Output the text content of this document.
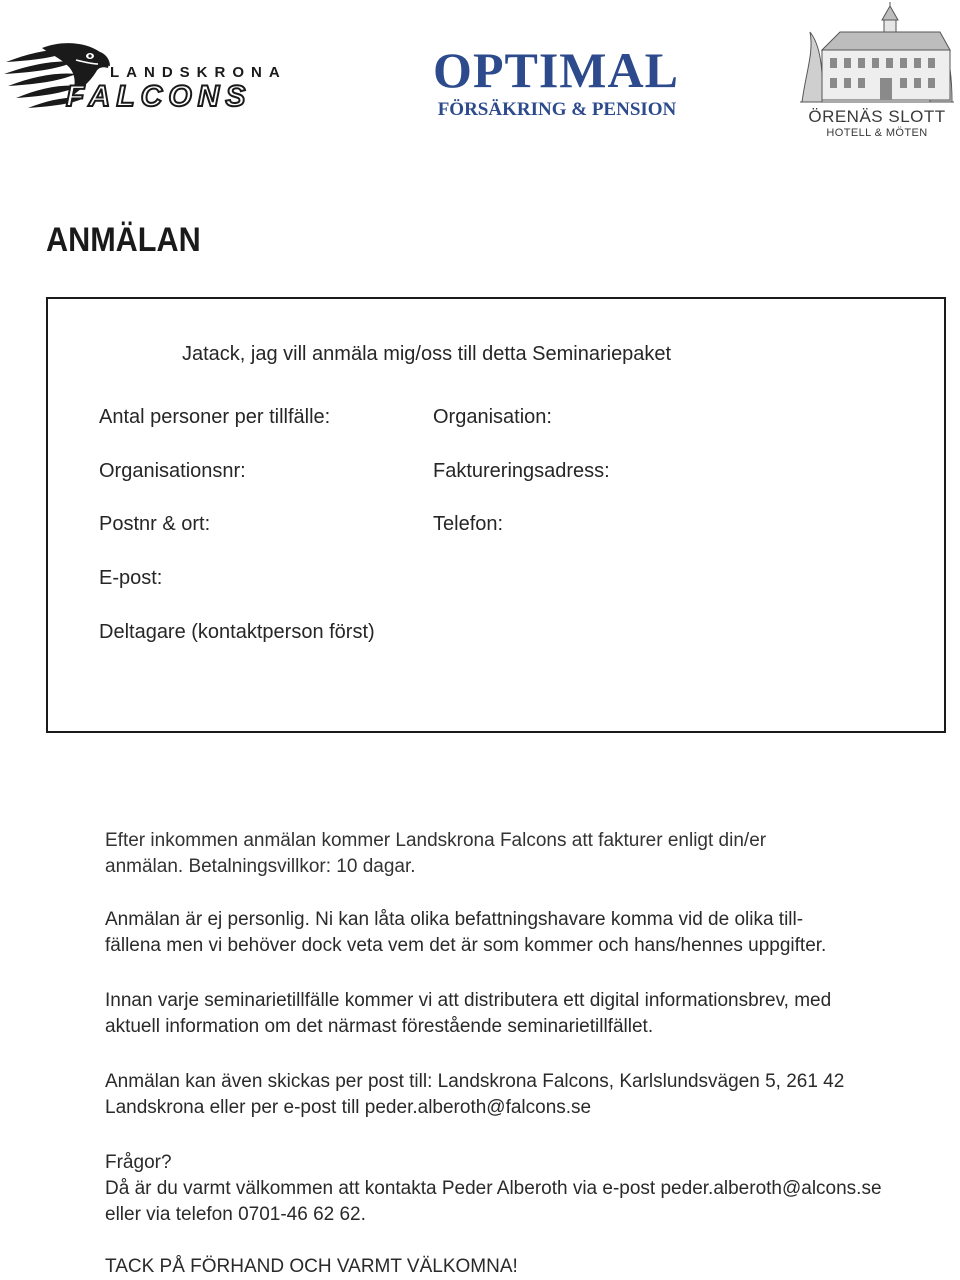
LANDSKRONA
FALCONS	OPTIMAL
FÖRSÄKRING & PENSION	ÖRENÄS SLOTT
HOTELL & MÖTEN
ANMÄLAN
Jatack, jag vill anmäla mig/oss till detta Seminariepaket
Antal personer per tillfälle:	Organisation:
Organisationsnr:	Faktureringsadress:
Postnr & ort:	Telefon:
E-post:
Deltagare (kontaktperson först)
Efter inkommen anmälan kommer Landskrona Falcons att fakturer enligt din/er
anmälan. Betalningsvillkor: 10 dagar.
Anmälan är ej personlig. Ni kan låta olika befattningshavare komma vid de olika till-
fällena men vi behöver dock veta vem det är som kommer och hans/hennes uppgifter.
Innan varje seminarietillfälle kommer vi att distributera ett digital informationsbrev, med
aktuell information om det närmast förestående seminarietillfället.
Anmälan kan även skickas per post till: Landskrona Falcons, Karlslundsvägen 5, 261 42
Landskrona eller per e-post till peder.alberoth@falcons.se
Frågor?
Då är du varmt välkommen att kontakta Peder Alberoth via e-post peder.alberoth@alcons.se
eller via telefon 0701-46 62 62.
TACK PÅ FÖRHAND OCH VARMT VÄLKOMNA!
